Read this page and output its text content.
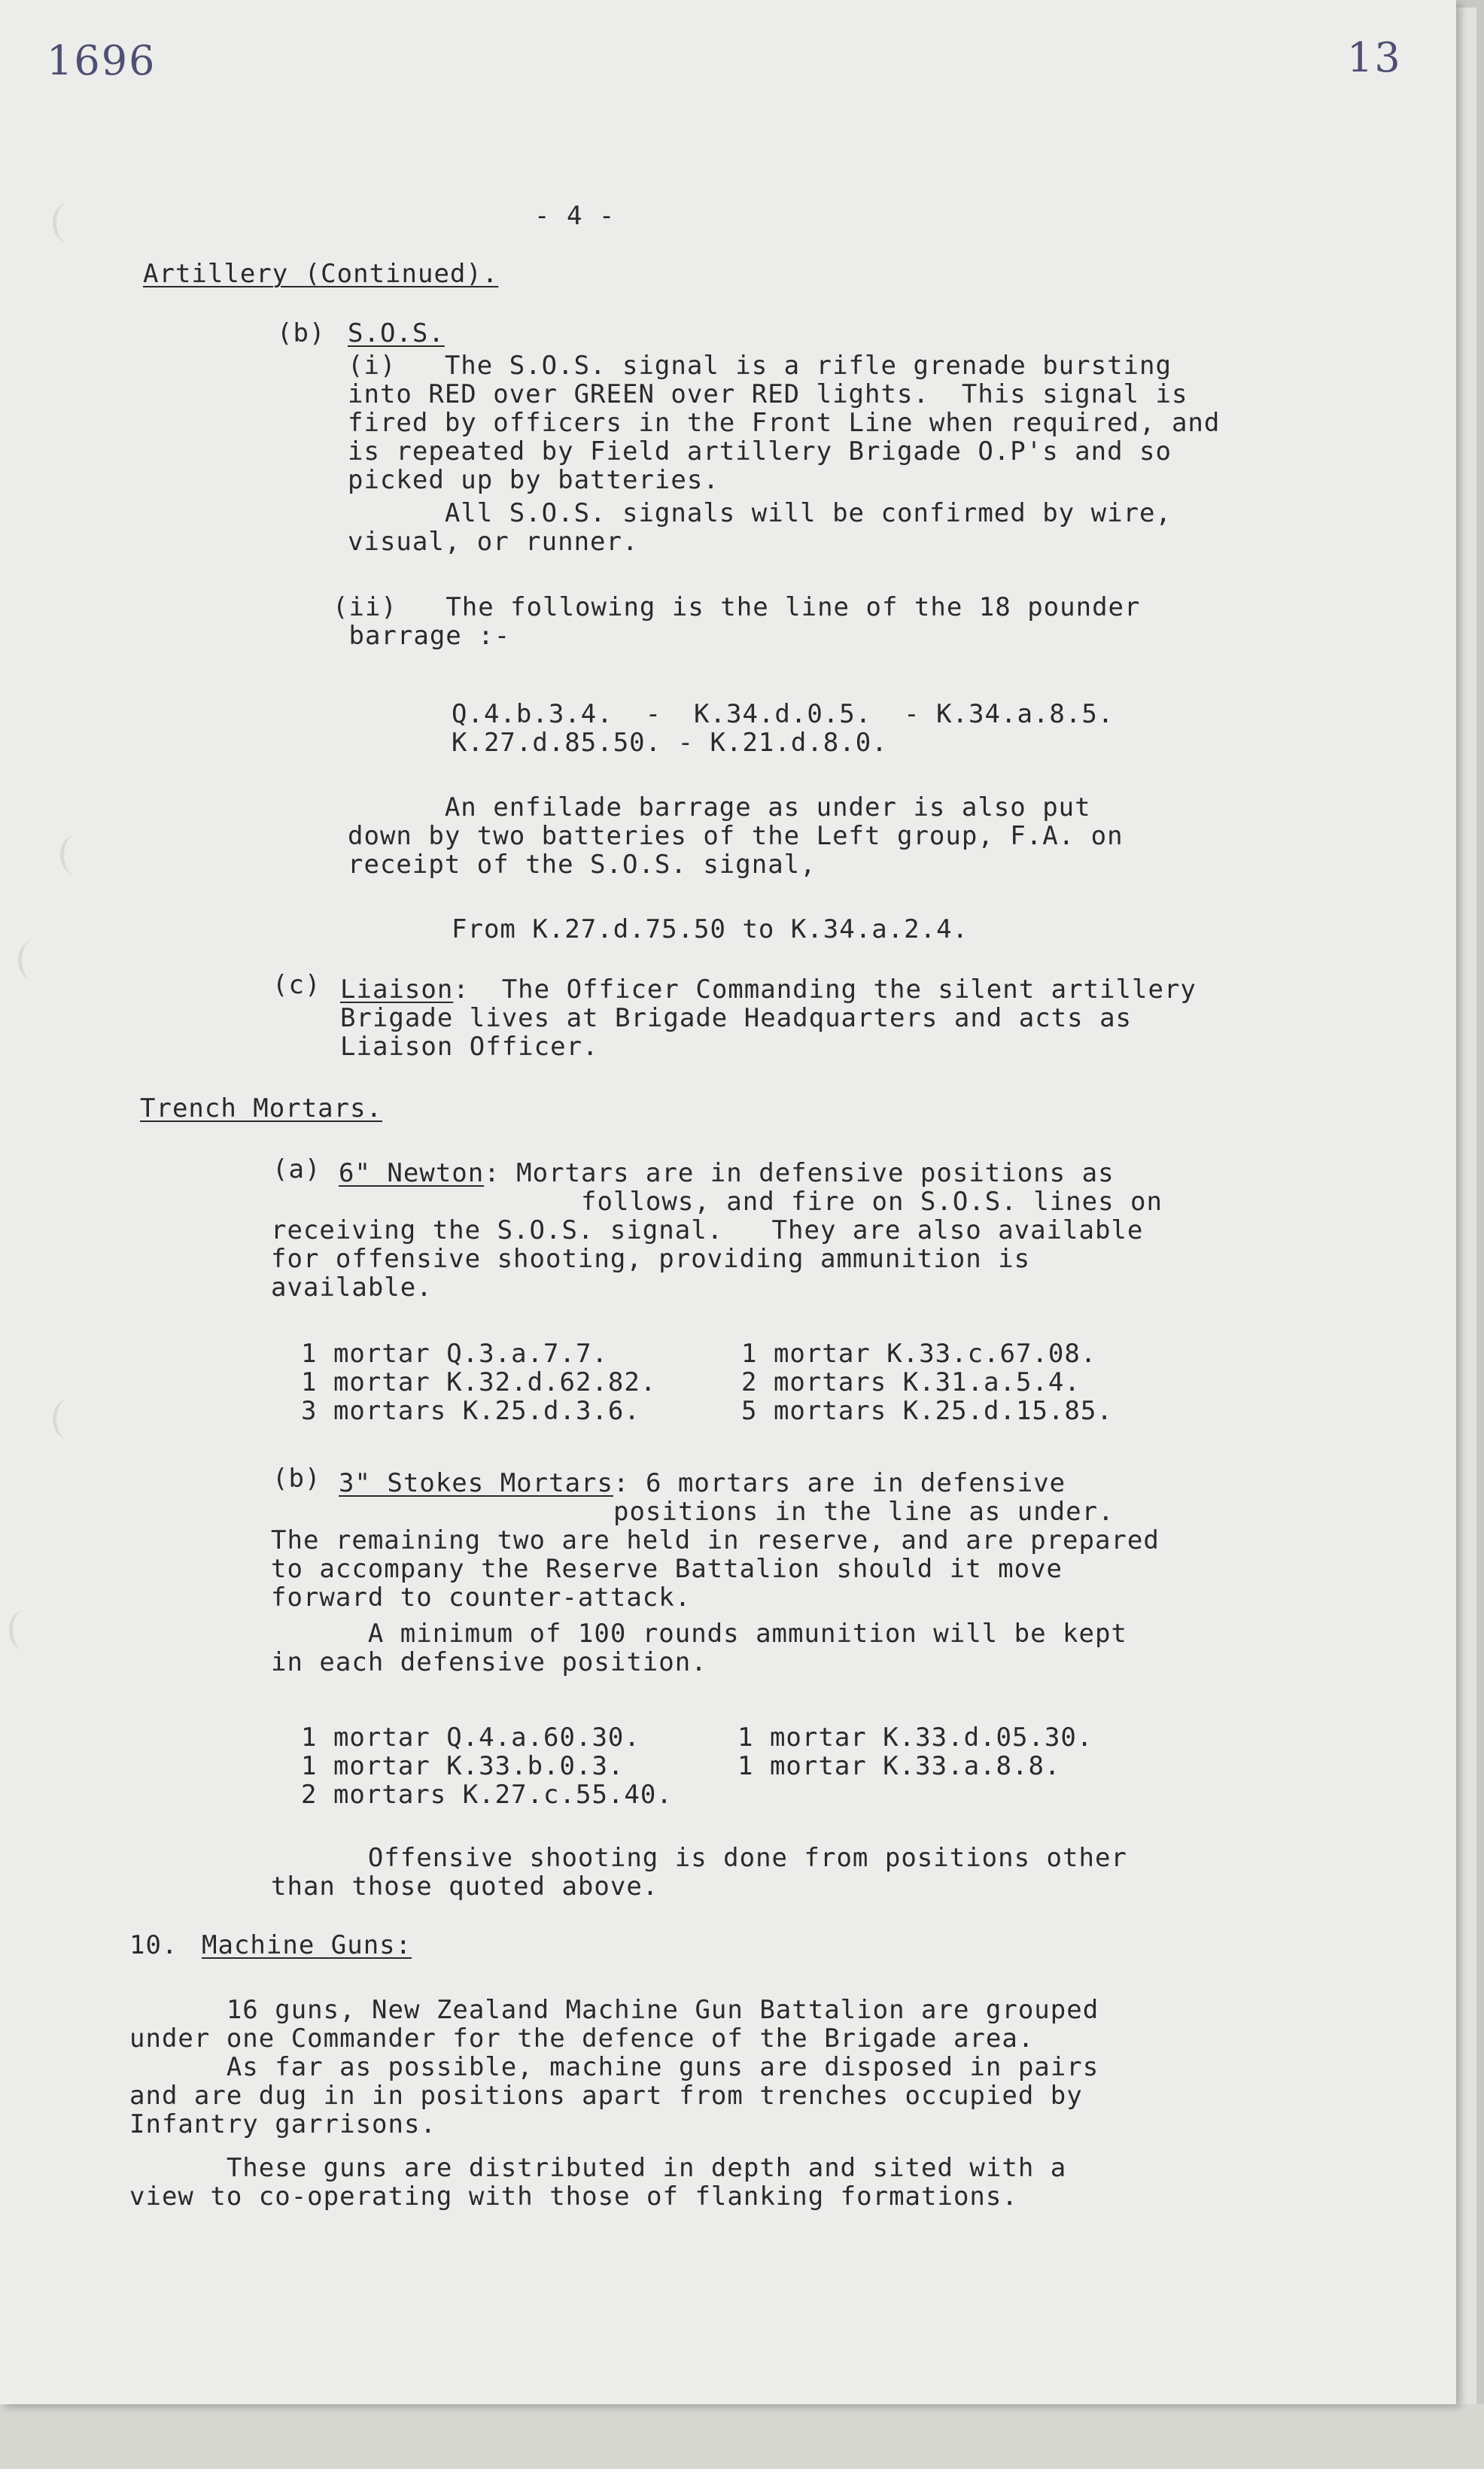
1696	13
- 4 -
Artillery (Continued).
(b) S.O.S.
(i)   The S.O.S. signal is a rifle grenade bursting
into RED over GREEN over RED lights.  This signal is
fired by officers in the Front Line when required, and
is repeated by Field artillery Brigade O.P's and so
picked up by batteries.
All S.O.S. signals will be confirmed by wire,
visual, or runner.
(ii)   The following is the line of the 18 pounder
barrage :-
Q.4.b.3.4.  -  K.34.d.0.5.  - K.34.a.8.5.
K.27.d.85.50. - K.21.d.8.0.
An enfilade barrage as under is also put
down by two batteries of the Left group, F.A. on
receipt of the S.O.S. signal,
From K.27.d.75.50 to K.34.a.2.4.
(c) Liaison:  The Officer Commanding the silent artillery
Brigade lives at Brigade Headquarters and acts as
Liaison Officer.
Trench Mortars.
(a) 6" Newton: Mortars are in defensive positions as
follows, and fire on S.O.S. lines on
receiving the S.O.S. signal.   They are also available
for offensive shooting, providing ammunition is
available.
1 mortar Q.3.a.7.7.	1 mortar K.33.c.67.08.
1 mortar K.32.d.62.82.	2 mortars K.31.a.5.4.
3 mortars K.25.d.3.6.	5 mortars K.25.d.15.85.
(b) 3" Stokes Mortars: 6 mortars are in defensive
positions in the line as under.
The remaining two are held in reserve, and are prepared
to accompany the Reserve Battalion should it move
forward to counter-attack.
A minimum of 100 rounds ammunition will be kept
in each defensive position.
1 mortar Q.4.a.60.30.	1 mortar K.33.d.05.30.
1 mortar K.33.b.0.3.	1 mortar K.33.a.8.8.
2 mortars K.27.c.55.40.
Offensive shooting is done from positions other
than those quoted above.
10. Machine Guns:
16 guns, New Zealand Machine Gun Battalion are grouped
under one Commander for the defence of the Brigade area.
As far as possible, machine guns are disposed in pairs
and are dug in in positions apart from trenches occupied by
Infantry garrisons.
These guns are distributed in depth and sited with a
view to co-operating with those of flanking formations.
